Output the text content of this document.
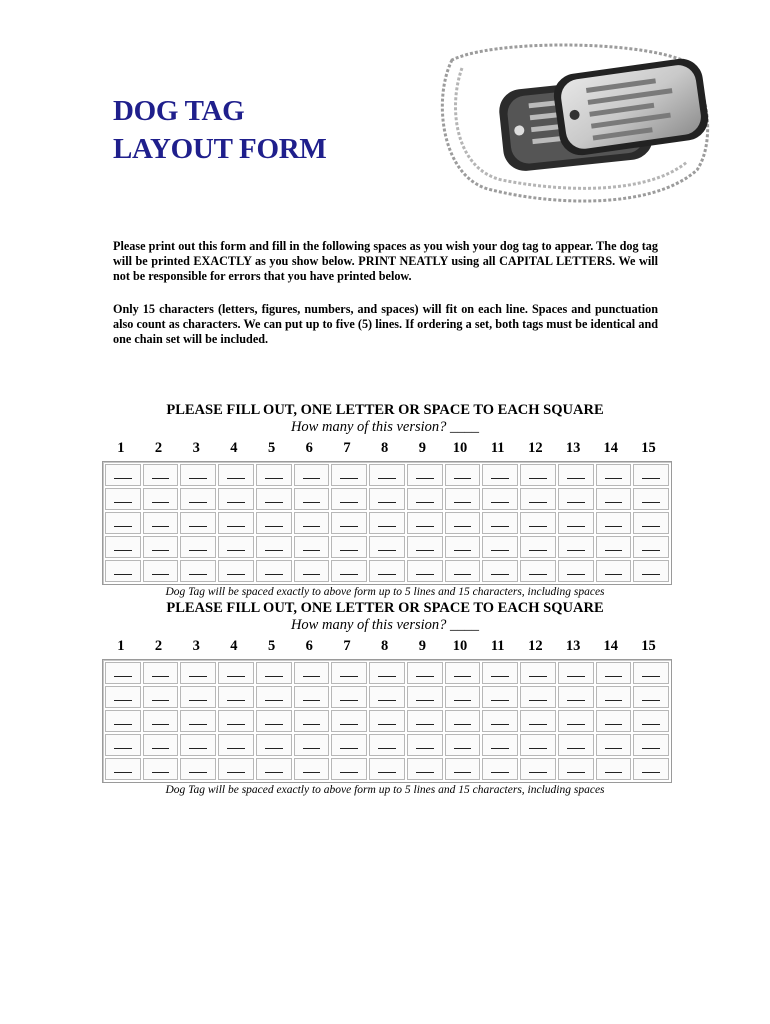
DOG TAG
LAYOUT FORM

Please print out this form and fill in the following spaces as you wish your dog tag to appear. The dog tag will be printed EXACTLY as you show below. PRINT NEATLY using all CAPITAL LETTERS. We will not be responsible for errors that you have printed below.

Only 15 characters (letters, figures, numbers, and spaces) will fit on each line. Spaces and punctuation also count as characters. We can put up to five (5) lines. If ordering a set, both tags must be identical and one chain set will be included.

PLEASE FILL OUT, ONE LETTER OR SPACE TO EACH SQUARE
How many of this version? ____
1	2	3	4	5	6	7	8	9	10	11	12	13	14	15
Dog Tag will be spaced exactly to above form up to 5 lines and 15 characters, including spaces
PLEASE FILL OUT, ONE LETTER OR SPACE TO EACH SQUARE
How many of this version? ____
1	2	3	4	5	6	7	8	9	10	11	12	13	14	15
Dog Tag will be spaced exactly to above form up to 5 lines and 15 characters, including spaces
